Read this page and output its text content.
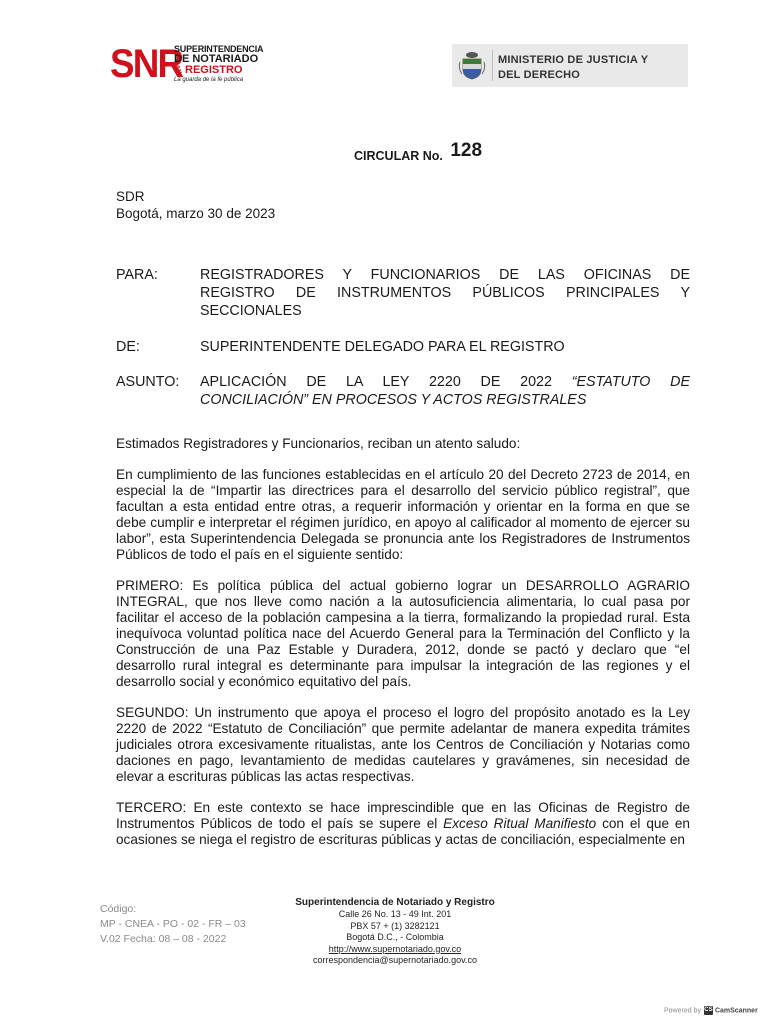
SNR
SUPERINTENDENCIA
DE NOTARIADO
& REGISTRO
La guarda de la fe pública
MINISTERIO DE JUSTICIA Y
DEL DERECHO
CIRCULAR No. 128
SDR
Bogotá, marzo 30 de 2023
PARA:	REGISTRADORES Y FUNCIONARIOS DE LAS OFICINAS DE

REGISTRO DE INSTRUMENTOS PÚBLICOS PRINCIPALES Y

SECCIONALES

DE:	SUPERINTENDENTE DELEGADO PARA EL REGISTRO
ASUNTO: APLICACIÓN DE LA LEY 2220 DE 2022 “ESTATUTO DE

CONCILIACIÓN” EN PROCESOS Y ACTOS REGISTRALES

Estimados Registradores y Funcionarios, reciban un atento saludo:

En cumplimiento de las funciones establecidas en el artículo 20 del Decreto 2723 de 2014, en especial la de “Impartir las directrices para el desarrollo del servicio público registral”, que facultan a esta entidad entre otras, a requerir información y orientar en la forma en que se debe cumplir e interpretar el régimen jurídico, en apoyo al calificador al momento de ejercer su labor”, esta Superintendencia Delegada se pronuncia ante los Registradores de Instrumentos Públicos de todo el país en el siguiente sentido:

PRIMERO: Es política pública del actual gobierno lograr un DESARROLLO AGRARIO INTEGRAL, que nos lleve como nación a la autosuficiencia alimentaria, lo cual pasa por facilitar el acceso de la población campesina a la tierra, formalizando la propiedad rural. Esta inequívoca voluntad política nace del Acuerdo General para la Terminación del Conflicto y la Construcción de una Paz Estable y Duradera, 2012, donde se pactó y declaro que “el desarrollo rural integral es determinante para impulsar la integración de las regiones y el desarrollo social y económico equitativo del país.

SEGUNDO: Un instrumento que apoya el proceso el logro del propósito anotado es la Ley 2220 de 2022 “Estatuto de Conciliación” que permite adelantar de manera expedita trámites judiciales otrora excesivamente ritualistas, ante los Centros de Conciliación y Notarias como daciones en pago, levantamiento de medidas cautelares y gravámenes, sin necesidad de elevar a escrituras públicas las actas respectivas.

TERCERO: En este contexto se hace imprescindible que en las Oficinas de Registro de Instrumentos Públicos de todo el país se supere el Exceso Ritual Manifiesto con el que en ocasiones se niega el registro de escrituras públicas y actas de conciliación, especialmente en

Código:
MP - CNEA - PO - 02 - FR – 03
V.02 Fecha: 08 – 08 - 2022
Superintendencia de Notariado y Registro
Calle 26 No. 13 - 49 Int. 201
PBX 57 + (1) 3282121
Bogotá D.C., - Colombia
http://www.supernotariado.gov.co
correspondencia@supernotariado.gov.co
Powered by CS CamScanner
